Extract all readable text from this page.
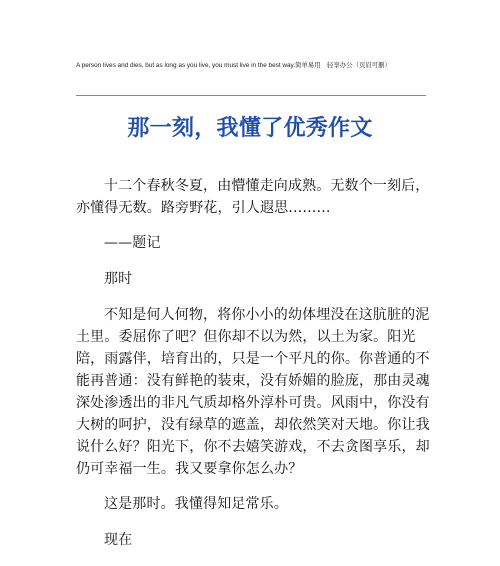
A person lives and dies, but as long as you live, you must live in the best way.简单易用　轻享办公（页眉可删）
那一刻，我懂了优秀作文

十二个春秋冬夏，由懵懂走向成熟。无数个一刻后，亦懂得无数。路旁野花，引人遐思………

——题记

那时

不知是何人何物，将你小小的幼体埋没在这肮脏的泥土里。委屈你了吧？但你却不以为然，以土为家。阳光陪，雨露伴，培育出的，只是一个平凡的你。你普通的不能再普通：没有鲜艳的装束，没有娇媚的脸庞，那由灵魂深处渗透出的非凡气质却格外淳朴可贵。风雨中，你没有大树的呵护，没有绿草的遮盖，却依然笑对天地。你让我说什么好？阳光下，你不去嬉笑游戏，不去贪图享乐，却仍可幸福一生。我又要拿你怎么办？

这是那时。我懂得知足常乐。

现在
